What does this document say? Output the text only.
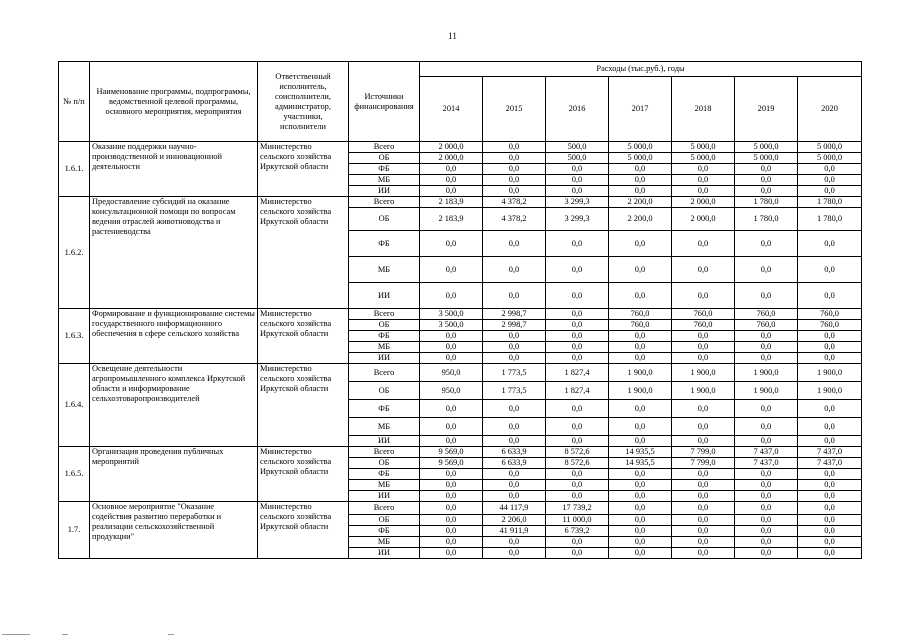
11
№ п/п	Наименование программы, подпрограммы, ведомственной целевой программы, основного мероприятия, мероприятия	Ответственный исполнитель, соисполнители, администратор, участники, исполнители	Источники финансирования	Расходы (тыс.руб.), годы						
				2014	2015	2016	2017	2018	2019	2020
1.6.1.	Оказание поддержки научно-производственной и инновационной деятельности	Министерство сельского хозяйства Иркутской области	Всего	2 000,0	0,0	500,0	5 000,0	5 000,0	5 000,0	5 000,0
			ОБ	2 000,0	0,0	500,0	5 000,0	5 000,0	5 000,0	5 000,0
			ФБ	0,0	0,0	0,0	0,0	0,0	0,0	0,0
			МБ	0,0	0,0	0,0	0,0	0,0	0,0	0,0
			ИИ	0,0	0,0	0,0	0,0	0,0	0,0	0,0
1.6.2.	Предоставление субсидий на оказание консультационной помощи по вопросам ведения отраслей животноводства и растениеводства	Министерство сельского хозяйства Иркутской области	Всего	2 183,9	4 378,2	3 299,3	2 200,0	2 000,0	1 780,0	1 780,0
			ОБ	2 183,9	4 378,2	3 299,3	2 200,0	2 000,0	1 780,0	1 780,0
			ФБ	0,0	0,0	0,0	0,0	0,0	0,0	0,0
			МБ	0,0	0,0	0,0	0,0	0,0	0,0	0,0
			ИИ	0,0	0,0	0,0	0,0	0,0	0,0	0,0
1.6.3.	Формирование и функционирование системы государственного информационного обеспечения в сфере сельского хозяйства	Министерство сельского хозяйства Иркутской области	Всего	3 500,0	2 998,7	0,0	760,0	760,0	760,0	760,0
			ОБ	3 500,0	2 998,7	0,0	760,0	760,0	760,0	760,0
			ФБ	0,0	0,0	0,0	0,0	0,0	0,0	0,0
			МБ	0,0	0,0	0,0	0,0	0,0	0,0	0,0
			ИИ	0,0	0,0	0,0	0,0	0,0	0,0	0,0
1.6.4.	Освещение деятельности агропромышленного комплекса Иркутской области и информирование сельхозтоваропроизводителей	Министерство сельского хозяйства Иркутской области	Всего	950,0	1 773,5	1 827,4	1 900,0	1 900,0	1 900,0	1 900,0
			ОБ	950,0	1 773,5	1 827,4	1 900,0	1 900,0	1 900,0	1 900,0
			ФБ	0,0	0,0	0,0	0,0	0,0	0,0	0,0
			МБ	0,0	0,0	0,0	0,0	0,0	0,0	0,0
			ИИ	0,0	0,0	0,0	0,0	0,0	0,0	0,0
1.6.5.	Организация проведения публичных мероприятий	Министерство сельского хозяйства Иркутской области	Всего	9 569,0	6 633,9	8 572,6	14 935,5	7 799,0	7 437,0	7 437,0
			ОБ	9 569,0	6 633,9	8 572,6	14 935,5	7 799,0	7 437,0	7 437,0
			ФБ	0,0	0,0	0,0	0,0	0,0	0,0	0,0
			МБ	0,0	0,0	0,0	0,0	0,0	0,0	0,0
			ИИ	0,0	0,0	0,0	0,0	0,0	0,0	0,0
1.7.	Основное мероприятие "Оказание содействия развитию переработки и реализации сельскохозяйственной продукции"	Министерство сельского хозяйства Иркутской области	Всего	0,0	44 117,9	17 739,2	0,0	0,0	0,0	0,0
			ОБ	0,0	2 206,0	11 000,0	0,0	0,0	0,0	0,0
			ФБ	0,0	41 911,9	6 739,2	0,0	0,0	0,0	0,0
			МБ	0,0	0,0	0,0	0,0	0,0	0,0	0,0
			ИИ	0,0	0,0	0,0	0,0	0,0	0,0	0,0
